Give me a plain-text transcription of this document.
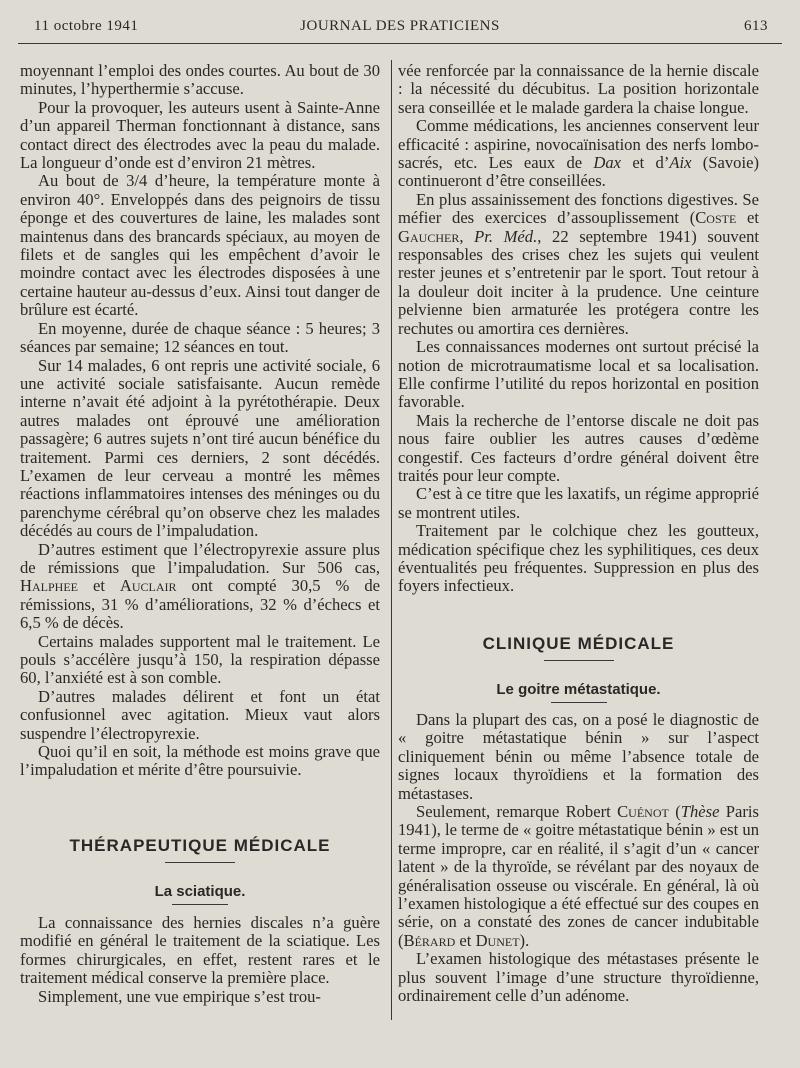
11 octobre 1941	JOURNAL DES PRATICIENS	613

moyennant l’emploi des ondes courtes. Au bout de 30 minutes, l’hyperthermie s’accuse.

Pour la provoquer, les auteurs usent à Sainte-Anne d’un appareil Therman fonctionnant à distance, sans contact direct des électrodes avec la peau du malade. La longueur d’onde est d’environ 21 mètres.

Au bout de 3/4 d’heure, la température monte à environ 40°. Enveloppés dans des peignoirs de tissu éponge et des couvertures de laine, les malades sont maintenus dans des brancards spéciaux, au moyen de filets et de sangles qui les empêchent d’avoir le moindre contact avec les électrodes disposées à une certaine hauteur au-dessus d’eux. Ainsi tout danger de brûlure est écarté.

En moyenne, durée de chaque séance : 5 heures; 3 séances par semaine; 12 séances en tout.

Sur 14 malades, 6 ont repris une activité sociale, 6 une activité sociale satisfaisante. Aucun remède interne n’avait été adjoint à la pyrétothérapie. Deux autres malades ont éprouvé une amélioration passagère; 6 autres sujets n’ont tiré aucun bénéfice du traitement. Parmi ces derniers, 2 sont décédés. L’examen de leur cerveau a montré les mêmes réactions inflammatoires intenses des méninges ou du parenchyme cérébral qu’on observe chez les malades décédés au cours de l’impaludation.

D’autres estiment que l’électropyrexie assure plus de rémissions que l’impaludation. Sur 506 cas, Halphee et Auclair ont compté 30,5 % de rémissions, 31 % d’améliorations, 32 % d’échecs et 6,5 % de décès.

Certains malades supportent mal le traitement. Le pouls s’accélère jusqu’à 150, la respiration dépasse 60, l’anxiété est à son comble.

D’autres malades délirent et font un état confusionnel avec agitation. Mieux vaut alors suspendre l’électropyrexie.

Quoi qu’il en soit, la méthode est moins grave que l’impaludation et mérite d’être poursuivie.

THÉRAPEUTIQUE MÉDICALE
La sciatique.

La connaissance des hernies discales n’a guère modifié en général le traitement de la sciatique. Les formes chirurgicales, en effet, restent rares et le traitement médical conserve la première place.

Simplement, une vue empirique s’est trou-

vée renforcée par la connaissance de la hernie discale : la nécessité du décubitus. La position horizontale sera conseillée et le malade gardera la chaise longue.

Comme médications, les anciennes conservent leur efficacité : aspirine, novocaïnisation des nerfs lombo-sacrés, etc. Les eaux de Dax et d’Aix (Savoie) continueront d’être conseillées.

En plus assainissement des fonctions digestives. Se méfier des exercices d’assouplissement (Coste et Gaucher, Pr. Méd., 22 septembre 1941) souvent responsables des crises chez les sujets qui veulent rester jeunes et s’entretenir par le sport. Tout retour à la douleur doit inciter à la prudence. Une ceinture pelvienne bien armaturée les protégera contre les rechutes ou amortira ces dernières.

Les connaissances modernes ont surtout précisé la notion de microtraumatisme local et sa localisation. Elle confirme l’utilité du repos horizontal en position favorable.

Mais la recherche de l’entorse discale ne doit pas nous faire oublier les autres causes d’œdème congestif. Ces facteurs d’ordre général doivent être traités pour leur compte.

C’est à ce titre que les laxatifs, un régime approprié se montrent utiles.

Traitement par le colchique chez les goutteux, médication spécifique chez les syphilitiques, ces deux éventualités peu fréquentes. Suppression en plus des foyers infectieux.

CLINIQUE MÉDICALE
Le goitre métastatique.

Dans la plupart des cas, on a posé le diagnostic de « goitre métastatique bénin » sur l’aspect cliniquement bénin ou même l’absence totale de signes locaux thyroïdiens et la formation des métastases.

Seulement, remarque Robert Cuénot (Thèse Paris 1941), le terme de « goitre métastatique bénin » est un terme impropre, car en réalité, il s’agit d’un « cancer latent » de la thyroïde, se révélant par des noyaux de généralisation osseuse ou viscérale. En général, là où l’examen histologique a été effectué sur des coupes en série, on a constaté des zones de cancer indubitable (Bérard et Dunet).

L’examen histologique des métastases présente le plus souvent l’image d’une structure thyroïdienne, ordinairement celle d’un adénome.
